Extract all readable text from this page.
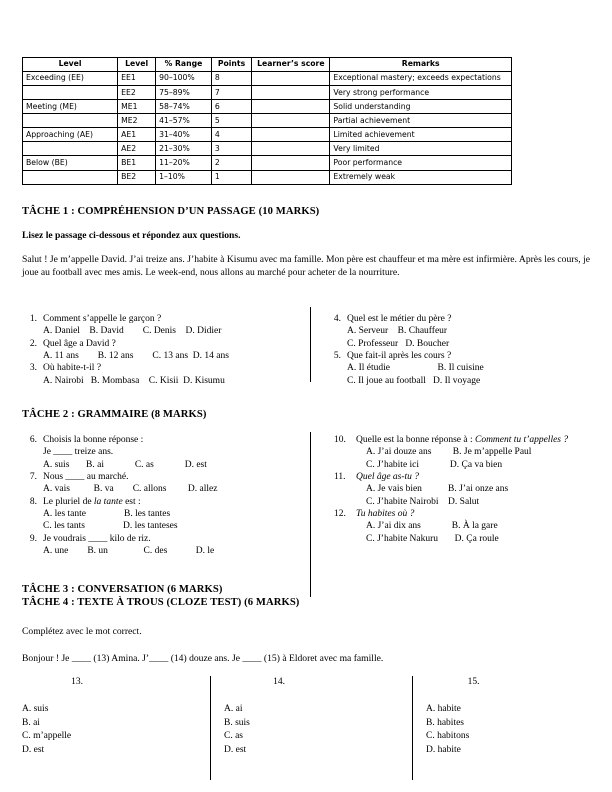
Level	Level	% Range	Points	Learner’s score	Remarks
Exceeding (EE)	EE1	90–100%	8		Exceptional mastery; exceeds expectations
	EE2	75–89%	7		Very strong performance
Meeting (ME)	ME1	58–74%	6		Solid understanding
	ME2	41–57%	5		Partial achievement
Approaching (AE)	AE1	31–40%	4		Limited achievement
	AE2	21–30%	3		Very limited
Below (BE)	BE1	11–20%	2		Poor performance
	BE2	1–10%	1		Extremely weak
TÂCHE 1 : COMPRÉHENSION D’UN PASSAGE (10 MARKS)
Lisez le passage ci-dessous et répondez aux questions.
Salut ! Je m’appelle David. J’ai treize ans. J’habite à Kisumu avec ma famille. Mon père est chauffeur et ma mère est infirmière. Après les cours, je joue au football avec mes amis. Le week-end, nous allons au marché pour acheter de la nourriture.
1. Comment s’appelle le garçon ?
A. Daniel    B. David        C. Denis    D. Didier
2. Quel âge a David ?
A. 11 ans        B. 12 ans        C. 13 ans  D. 14 ans
3. Où habite-t-il ?
A. Nairobi   B. Mombasa    C. Kisii  D. Kisumu
4. Quel est le métier du père ?
A. Serveur    B. Chauffeur
C. Professeur   D. Boucher
5. Que fait-il après les cours ?
A. Il étudie                    B. Il cuisine
C. Il joue au football   D. Il voyage
TÂCHE 2 : GRAMMAIRE (8 MARKS)
6. Choisis la bonne réponse :
Je ____ treize ans.
A. suis       B. ai             C. as             D. est
7. Nous ____ au marché.
A. vais          B. va        C. allons         D. allez
8. Le pluriel de la tante est :
A. les tante                B. les tantes
C. les tants                D. les tanteses
9. Je voudrais ____ kilo de riz.
A. une        B. un               C. des            D. le
10.	Quelle est la bonne réponse à : Comment tu t’appelles ?
A. J’ai douze ans         B. Je m’appelle Paul
C. J’habite ici             D. Ça va bien
11.	Quel âge as-tu ?
A. Je vais bien           B. J’ai onze ans
C. J’habite Nairobi    D. Salut
12.	Tu habites où ?
A. J’ai dix ans             B. À la gare
C. J’habite Nakuru       D. Ça roule
TÂCHE 3 : CONVERSATION (6 MARKS)
TÂCHE 4 : TEXTE À TROUS (CLOZE TEST) (6 MARKS)
Complétez avec le mot correct.
Bonjour ! Je ____ (13) Amina. J’____ (14) douze ans. Je ____ (15) à Eldoret avec ma famille.
13.
A. suis
B. ai
C. m’appelle
D. est
14.
A. ai
B. suis
C. as
D. est
15.
A. habite
B. habites
C. habitons
D. habite
